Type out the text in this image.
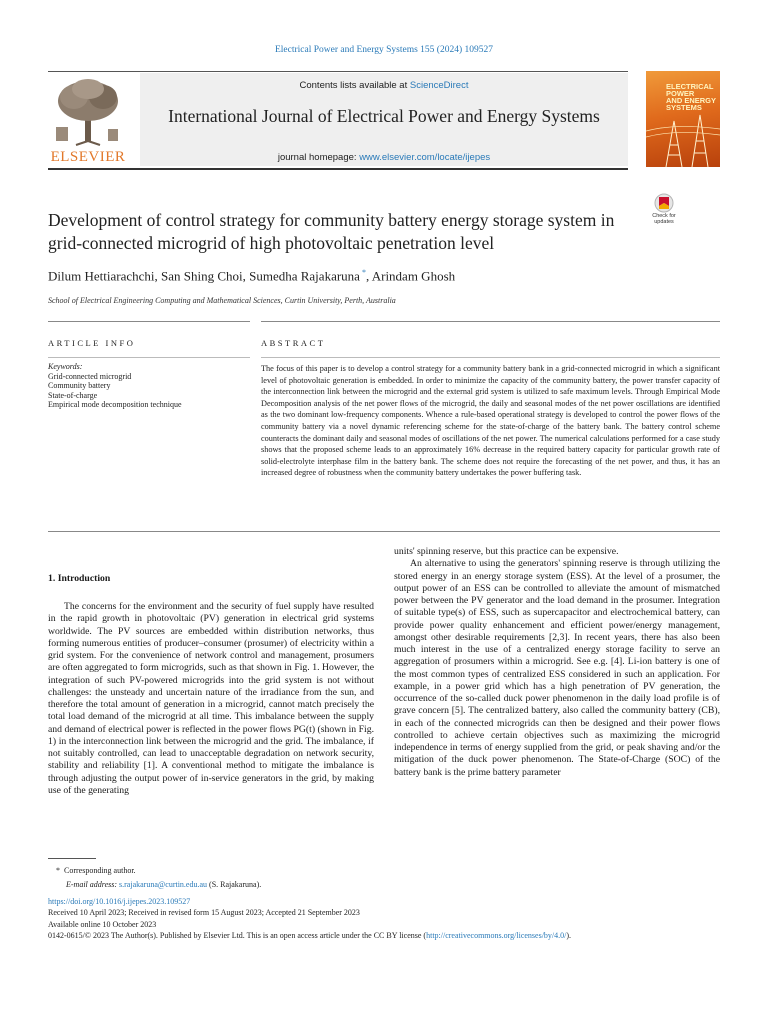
Electrical Power and Energy Systems 155 (2024) 109527
ELSEVIER
Contents lists available at ScienceDirect
International Journal of Electrical Power and Energy Systems
journal homepage: www.elsevier.com/locate/ijepes
ELECTRICAL
POWER
AND ENERGY
SYSTEMS
Check for
updates
Development of control strategy for community battery energy storage system in grid-connected microgrid of high photovoltaic penetration level
Dilum Hettiarachchi, San Shing Choi, Sumedha Rajakaruna *, Arindam Ghosh
School of Electrical Engineering Computing and Mathematical Sciences, Curtin University, Perth, Australia
ARTICLE INFO	ABSTRACT
Keywords:
Grid-connected microgrid
Community battery
State-of-charge
Empirical mode decomposition technique
The focus of this paper is to develop a control strategy for a community battery bank in a grid-connected microgrid in which a significant level of photovoltaic generation is embedded. In order to minimize the capacity of the community battery, the power transfer capacity of the interconnection link between the microgrid and the external grid system is utilized to safe maximum levels. Through Empirical Mode Decomposition analysis of the net power flows of the microgrid, the daily and seasonal modes of the net power oscillations are identified as the two dominant low-frequency components. Whence a rule-based operational strategy is developed to control the power flows of the community battery via a novel dynamic referencing scheme for the state-of-charge of the battery bank. The battery control scheme counteracts the dominant daily and seasonal modes of oscillations of the net power. The numerical calculations performed for a case study shows that the proposed scheme leads to an approximately 16% decrease in the required battery capacity for particular growth rate of solid-electrolyte interphase film in the battery bank. The scheme does not require the forecasting of the net power, and thus, it has an increased degree of robustness when the community battery undertakes the power buffering task.
1. Introduction
The concerns for the environment and the security of fuel supply have resulted in the rapid growth in photovoltaic (PV) generation in electrical grid systems worldwide. The PV sources are embedded within distribution networks, thus forming numerous entities of producer–consumer (prosumer) of electricity within a grid system. For the convenience of network control and management, prosumers are often aggregated to form microgrids, such as that shown in Fig. 1. However, the integration of such PV-powered microgrids into the grid system is not without challenges: the unsteady and uncertain nature of the irradiance from the sun, and therefore the total amount of generation in a microgrid, cannot match precisely the total load demand of the microgrid at all time. This imbalance between the supply and demand of electrical power is reflected in the power flows PG(t) (shown in Fig. 1) in the interconnection link between the microgrid and the grid. The imbalance, if not suitably controlled, can lead to unacceptable degradation on network security, stability and reliability [1]. A conventional method to mitigate the imbalance is through adjusting the output power of in-service generators in the grid, by making use of the generating

units' spinning reserve, but this practice can be expensive.

An alternative to using the generators' spinning reserve is through utilizing the stored energy in an energy storage system (ESS). At the level of a prosumer, the output power of an ESS can be controlled to alleviate the amount of mismatched power between the PV generator and the load demand in the prosumer. Integration of suitable type(s) of ESS, such as supercapacitor and electrochemical battery, can provide power quality enhancement and efficient power/energy management, amongst other desirable requirements [2,3]. In recent years, there has also been much interest in the use of a centralized energy storage facility to serve an aggregation of prosumers within a microgrid. See e.g. [4]. Li-ion battery is one of the most common types of centralized ESS considered in such an application. For example, in a power grid which has a high penetration of PV generation, the occurrence of the so-called duck power phenomenon in the daily load profile is of grave concern [5]. The centralized battery, also called the community battery (CB), in each of the connected microgrids can then be designed and their power flows controlled to achieve certain objectives such as maximizing the microgrid independence in terms of energy supplied from the grid, or peak shaving and/or the mitigation of the duck power phenomenon. The State-of-Charge (SOC) of the battery bank is the prime battery parameter

* Corresponding author.
E-mail address: s.rajakaruna@curtin.edu.au (S. Rajakaruna).
https://doi.org/10.1016/j.ijepes.2023.109527
Received 10 April 2023; Received in revised form 15 August 2023; Accepted 21 September 2023
Available online 10 October 2023
0142-0615/© 2023 The Author(s). Published by Elsevier Ltd. This is an open access article under the CC BY license (http://creativecommons.org/licenses/by/4.0/).
